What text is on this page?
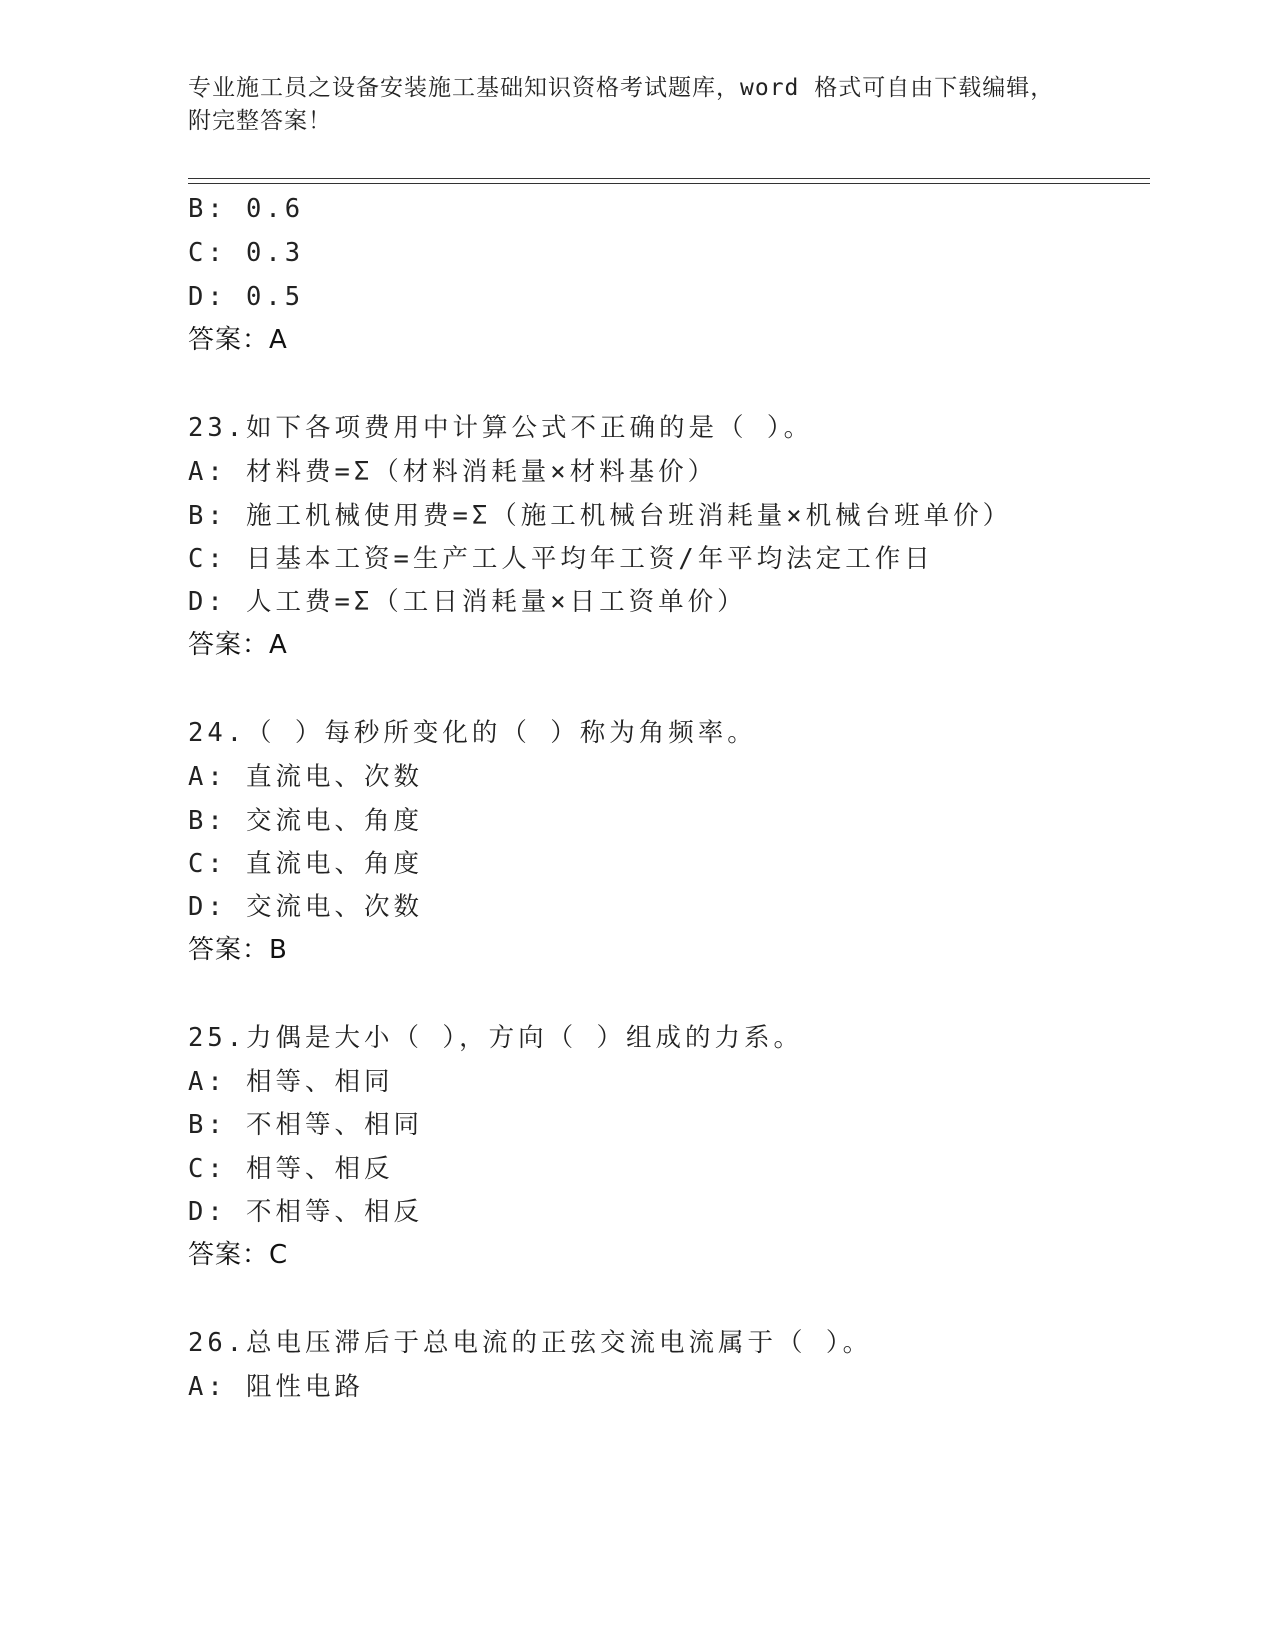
专业施工员之设备安装施工基础知识资格考试题库，word 格式可自由下载编辑，
附完整答案！
B: 0.6
C: 0.3
D: 0.5
答案：A
23.如下各项费用中计算公式不正确的是（ ）。
A: 材料费=Σ（材料消耗量×材料基价）
B: 施工机械使用费=Σ（施工机械台班消耗量×机械台班单价）
C: 日基本工资=生产工人平均年工资/年平均法定工作日
D: 人工费=Σ（工日消耗量×日工资单价）
答案：A
24.（ ）每秒所变化的（ ）称为角频率。
A: 直流电、次数
B: 交流电、角度
C: 直流电、角度
D: 交流电、次数
答案：B
25.力偶是大小（ ），方向（ ）组成的力系。
A: 相等、相同
B: 不相等、相同
C: 相等、相反
D: 不相等、相反
答案：C
26.总电压滞后于总电流的正弦交流电流属于（ ）。
A: 阻性电路
